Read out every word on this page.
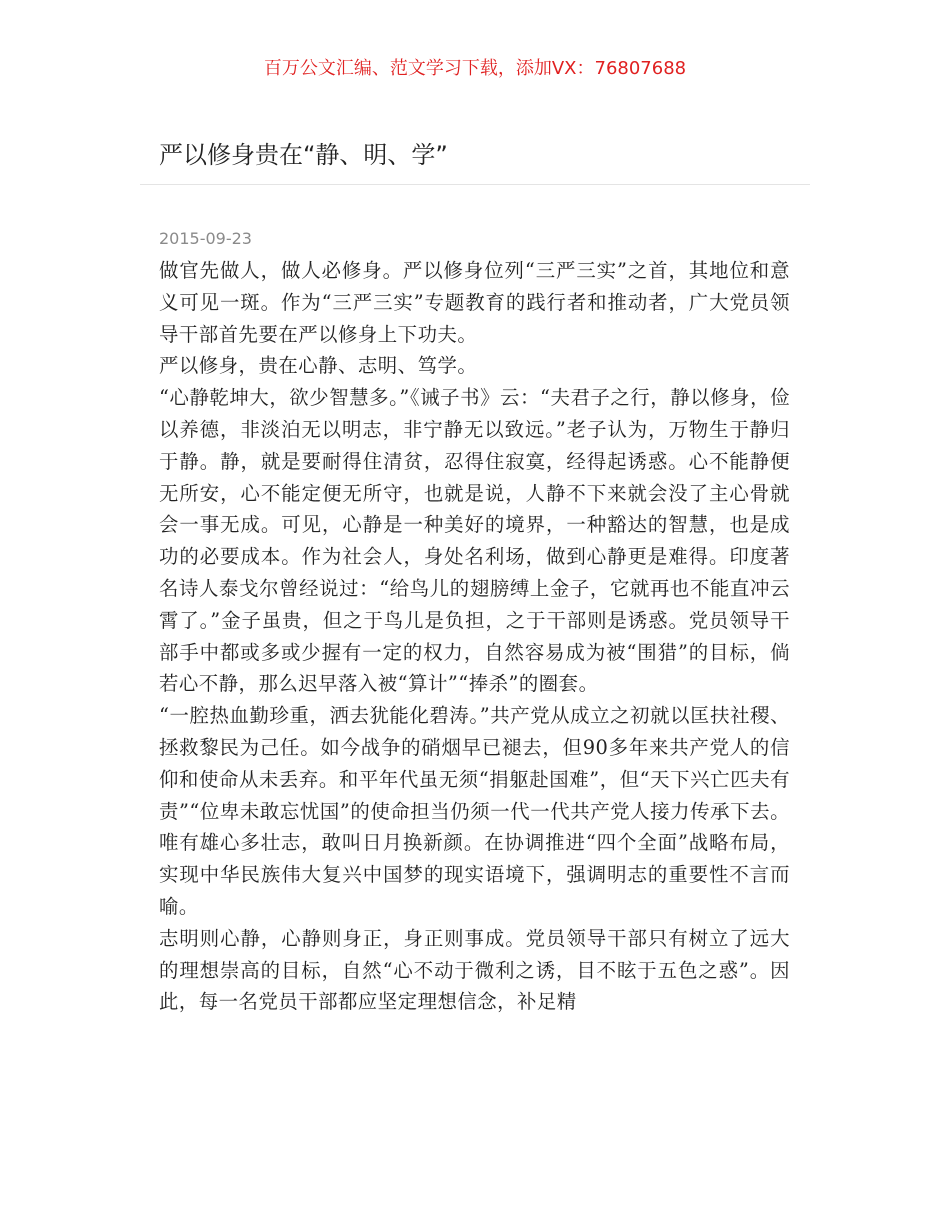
百万公文汇编、范文学习下载，添加VX：76807688
严以修身贵在“静、明、学”
2015-09-23

做官先做人，做人必修身。严以修身位列“三严三实”之首，其地位和意义可见一斑。作为“三严三实”专题教育的践行者和推动者，广大党员领导干部首先要在严以修身上下功夫。

严以修身，贵在心静、志明、笃学。

“心静乾坤大，欲少智慧多。”《诫子书》云：“夫君子之行，静以修身，俭以养德，非淡泊无以明志，非宁静无以致远。”老子认为，万物生于静归于静。静，就是要耐得住清贫，忍得住寂寞，经得起诱惑。心不能静便无所安，心不能定便无所守，也就是说，人静不下来就会没了主心骨就会一事无成。可见，心静是一种美好的境界，一种豁达的智慧，也是成功的必要成本。作为社会人，身处名利场，做到心静更是难得。印度著名诗人泰戈尔曾经说过：“给鸟儿的翅膀缚上金子，它就再也不能直冲云霄了。”金子虽贵，但之于鸟儿是负担，之于干部则是诱惑。党员领导干部手中都或多或少握有一定的权力，自然容易成为被“围猎”的目标，倘若心不静，那么迟早落入被“算计”“捧杀”的圈套。

“一腔热血勤珍重，洒去犹能化碧涛。”共产党从成立之初就以匡扶社稷、拯救黎民为己任。如今战争的硝烟早已褪去，但90多年来共产党人的信仰和使命从未丢弃。和平年代虽无须“捐躯赴国难”，但“天下兴亡匹夫有责”“位卑未敢忘忧国”的使命担当仍须一代一代共产党人接力传承下去。唯有雄心多壮志，敢叫日月换新颜。在协调推进“四个全面”战略布局，实现中华民族伟大复兴中国梦的现实语境下，强调明志的重要性不言而喻。

志明则心静，心静则身正，身正则事成。党员领导干部只有树立了远大的理想崇高的目标，自然“心不动于微利之诱，目不眩于五色之惑”。因此，每一名党员干部都应坚定理想信念，补足精
